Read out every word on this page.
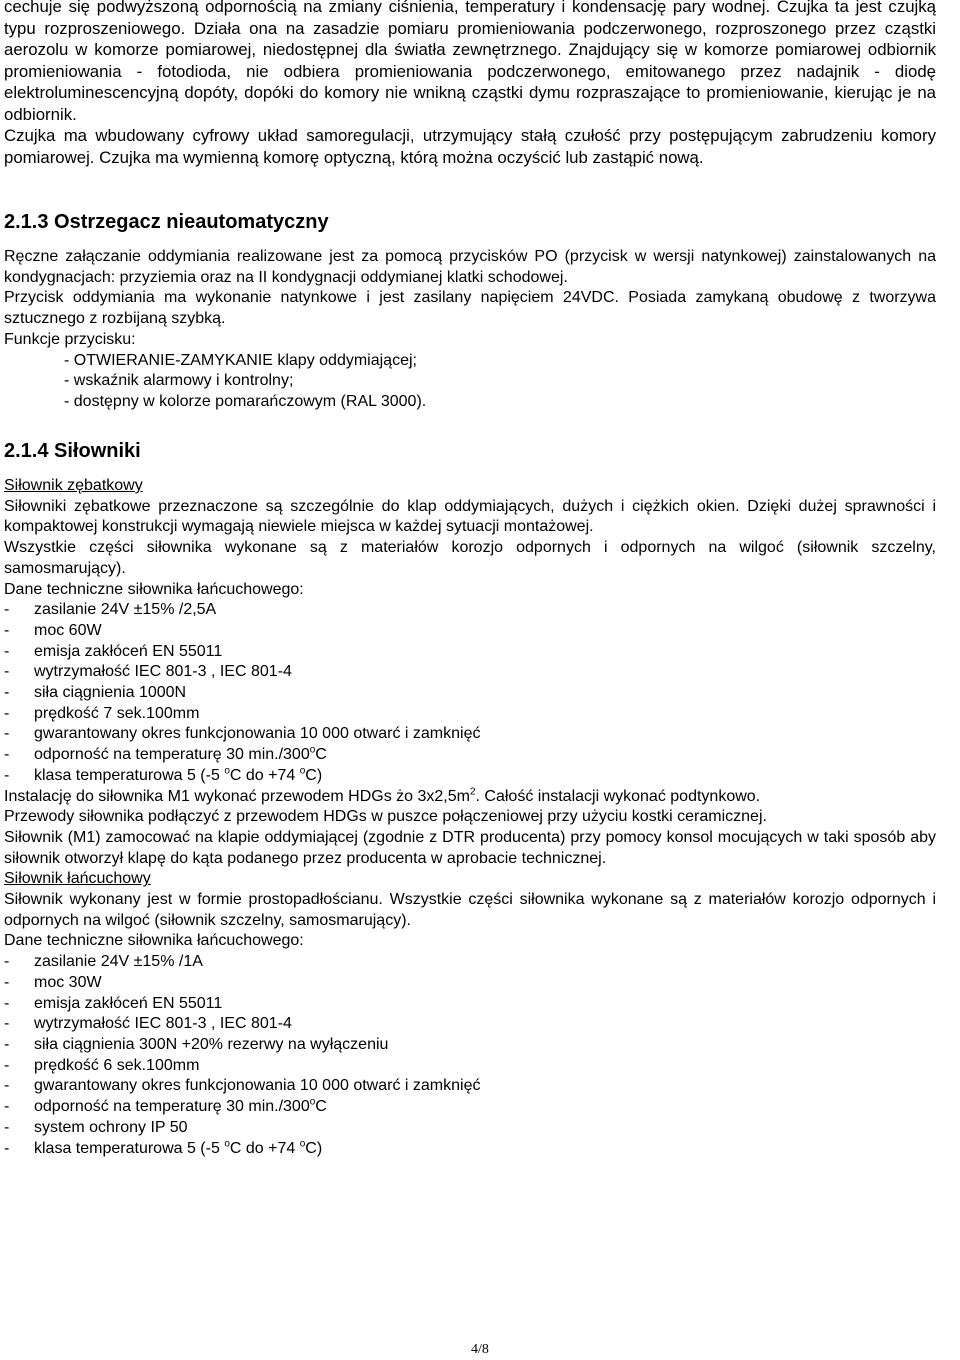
cechuje się podwyższoną odpornością na zmiany ciśnienia, temperatury i kondensację pary wodnej. Czujka ta jest czujką typu rozproszeniowego. Działa ona na zasadzie pomiaru promieniowania podczerwonego, rozproszonego przez cząstki aerozolu w komorze pomiarowej, niedostępnej dla światła zewnętrznego. Znajdujący się w komorze pomiarowej odbiornik promieniowania - fotodioda, nie odbiera promieniowania podczerwonego, emitowanego przez nadajnik - diodę elektroluminescencyjną dopóty, dopóki do komory nie wnikną cząstki dymu rozpraszające to promieniowanie, kierując je na odbiornik.

Czujka ma wbudowany cyfrowy układ samoregulacji, utrzymujący stałą czułość przy postępującym zabrudzeniu komory pomiarowej. Czujka ma wymienną komorę optyczną, którą można oczyścić lub zastąpić nową.

2.1.3 Ostrzegacz nieautomatyczny

Ręczne załączanie oddymiania realizowane jest za pomocą przycisków PO (przycisk w wersji natynkowej) zainstalowanych na kondygnacjach: przyziemia oraz na II kondygnacji oddymianej klatki schodowej.

Przycisk oddymiania ma wykonanie natynkowe i jest zasilany napięciem 24VDC. Posiada zamykaną obudowę z tworzywa sztucznego z rozbijaną szybką.

Funkcje przycisku:

- OTWIERANIE-ZAMYKANIE klapy oddymiającej;

- wskaźnik alarmowy i kontrolny;

- dostępny w kolorze pomarańczowym (RAL 3000).

2.1.4 Siłowniki

Siłownik zębatkowy

Siłowniki zębatkowe przeznaczone są szczególnie do klap oddymiających, dużych i ciężkich okien. Dzięki dużej sprawności i kompaktowej konstrukcji wymagają niewiele miejsca w każdej sytuacji montażowej.

Wszystkie części siłownika wykonane są z materiałów korozjo odpornych i odpornych na wilgoć (siłownik szczelny, samosmarujący).

Dane techniczne siłownika łańcuchowego:

- zasilanie 24V ±15% /2,5A

- moc 60W

- emisja zakłóceń EN 55011

- wytrzymałość IEC 801-3 , IEC 801-4

- siła ciągnienia 1000N

- prędkość 7 sek.100mm

- gwarantowany okres funkcjonowania 10 000 otwarć i zamknięć

- odporność na temperaturę 30 min./300$^o$C

- klasa temperaturowa 5 (-5 $^o$C do +74 $^o$C)

Instalację do siłownika M1 wykonać przewodem HDGs żo $3x2,5m^2$. Całość instalacji wykonać podtynkowo.

Przewody siłownika podłączyć z przewodem HDGs w puszce połączeniowej przy użyciu kostki ceramicznej.

Siłownik (M1) zamocować na klapie oddymiającej (zgodnie z DTR producenta) przy pomocy konsol mocujących w taki sposób aby siłownik otworzył klapę do kąta podanego przez producenta w aprobacie technicznej.

Siłownik łańcuchowy

Siłownik wykonany jest w formie prostopadłościanu. Wszystkie części siłownika wykonane są z materiałów korozjo odpornych i odpornych na wilgoć (siłownik szczelny, samosmarujący).

Dane techniczne siłownika łańcuchowego:

- zasilanie 24V ±15% /1A

- moc 30W

- emisja zakłóceń EN 55011

- wytrzymałość IEC 801-3 , IEC 801-4

- siła ciągnienia 300N +20% rezerwy na wyłączeniu

- prędkość 6 sek.100mm

- gwarantowany okres funkcjonowania 10 000 otwarć i zamknięć

- odporność na temperaturę 30 min./300$^o$C

- system ochrony IP 50

- klasa temperaturowa 5 (-5 $^o$C do +74 $^o$C)

4/8
